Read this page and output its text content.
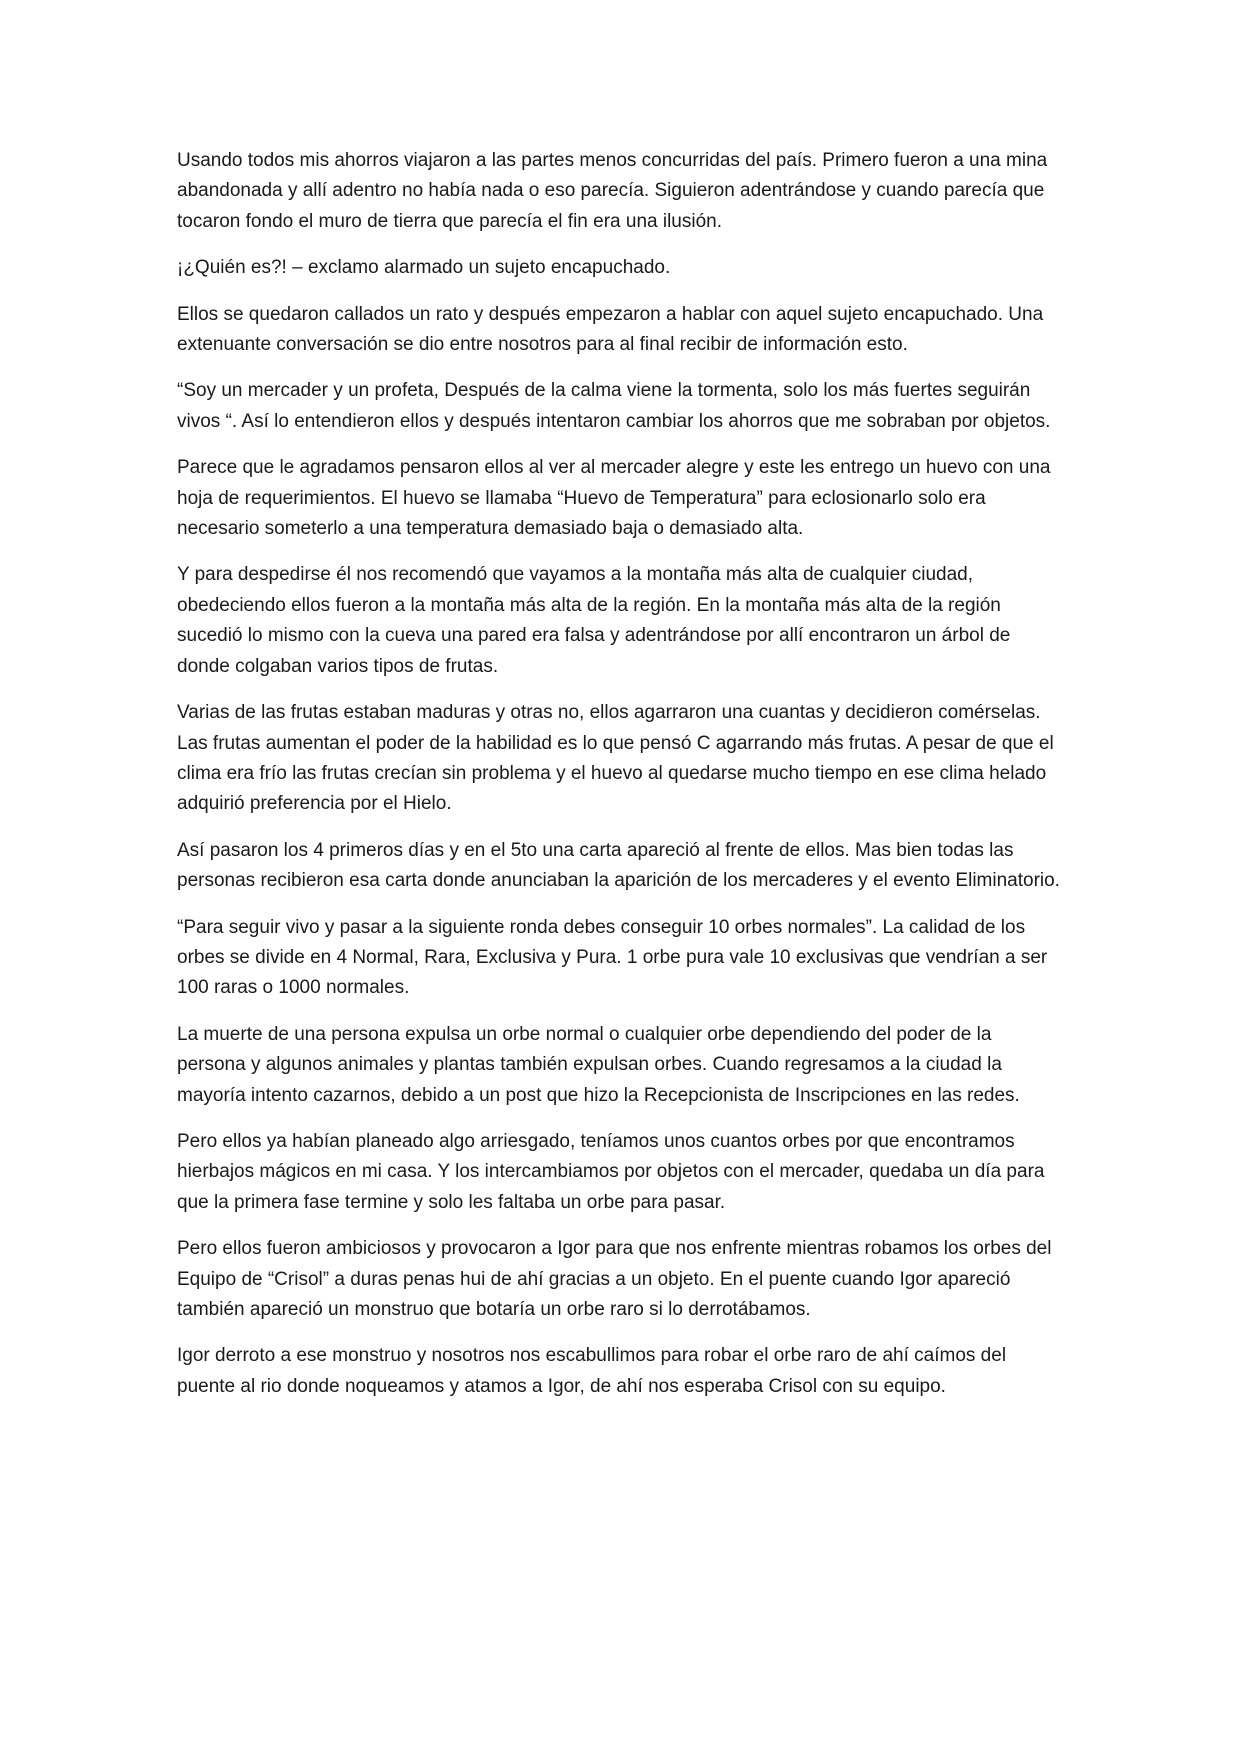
Usando todos mis ahorros viajaron a las partes menos concurridas del país. Primero fueron a una mina abandonada y allí adentro no había nada o eso parecía. Siguieron adentrándose y cuando parecía que tocaron fondo el muro de tierra que parecía el fin era una ilusión.

¡¿Quién es?! – exclamo alarmado un sujeto encapuchado.

Ellos se quedaron callados un rato y después empezaron a hablar con aquel sujeto encapuchado. Una extenuante conversación se dio entre nosotros para al final recibir de información esto.

“Soy un mercader y un profeta, Después de la calma viene la tormenta, solo los más fuertes seguirán vivos “. Así lo entendieron ellos y después intentaron cambiar los ahorros que me sobraban por objetos.

Parece que le agradamos pensaron ellos al ver al mercader alegre y este les entrego un huevo con una hoja de requerimientos. El huevo se llamaba “Huevo de Temperatura” para eclosionarlo solo era necesario someterlo a una temperatura demasiado baja o demasiado alta.

Y para despedirse él nos recomendó que vayamos a la montaña más alta de cualquier ciudad, obedeciendo ellos fueron a la montaña más alta de la región. En la montaña más alta de la región sucedió lo mismo con la cueva una pared era falsa y adentrándose por allí encontraron un árbol de donde colgaban varios tipos de frutas.

Varias de las frutas estaban maduras y otras no, ellos agarraron una cuantas y decidieron comérselas. Las frutas aumentan el poder de la habilidad es lo que pensó C agarrando más frutas. A pesar de que el clima era frío las frutas crecían sin problema y el huevo al quedarse mucho tiempo en ese clima helado adquirió preferencia por el Hielo.

Así pasaron los 4 primeros días y en el 5to una carta apareció al frente de ellos. Mas bien todas las personas recibieron esa carta donde anunciaban la aparición de los mercaderes y el evento Eliminatorio.

“Para seguir vivo y pasar a la siguiente ronda debes conseguir 10 orbes normales”. La calidad de los orbes se divide en 4 Normal, Rara, Exclusiva y Pura. 1 orbe pura vale 10 exclusivas que vendrían a ser 100 raras o 1000 normales.

La muerte de una persona expulsa un orbe normal o cualquier orbe dependiendo del poder de la persona y algunos animales y plantas también expulsan orbes. Cuando regresamos a la ciudad la mayoría intento cazarnos, debido a un post que hizo la Recepcionista de Inscripciones en las redes.

Pero ellos ya habían planeado algo arriesgado, teníamos unos cuantos orbes por que encontramos hierbajos mágicos en mi casa. Y los intercambiamos por objetos con el mercader, quedaba un día para que la primera fase termine y solo les faltaba un orbe para pasar.

Pero ellos fueron ambiciosos y provocaron a Igor para que nos enfrente mientras robamos los orbes del Equipo de “Crisol” a duras penas hui de ahí gracias a un objeto. En el puente cuando Igor apareció también apareció un monstruo que botaría un orbe raro si lo derrotábamos.

Igor derroto a ese monstruo y nosotros nos escabullimos para robar el orbe raro de ahí caímos del puente al rio donde noqueamos y atamos a Igor, de ahí nos esperaba Crisol con su equipo.
